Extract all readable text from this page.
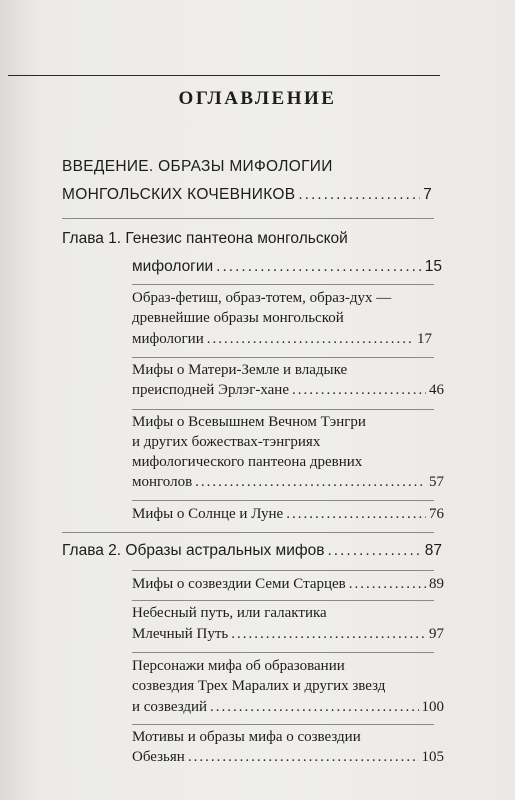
ОГЛАВЛЕНИЕ
ВВЕДЕНИЕ. ОБРАЗЫ МИФОЛОГИИ
МОНГОЛЬСКИХ КОЧЕВНИКОВ .....	7
Глава 1. Генезис пантеона монгольской
мифологии .....	15
Образ-фетиш, образ-тотем, образ-дух —
древнейшие образы монгольской
мифологии .....	17
Мифы о Матери-Земле и владыке
преисподней Эрлэг-хане .....	46
Мифы о Всевышнем Вечном Тэнгри
и других божествах-тэнгриях
мифологического пантеона древних
монголов .....	57
Мифы о Солнце и Луне .....	76
Глава 2. Образы астральных мифов .....	87
Мифы о созвездии Семи Старцев .....	89
Небесный путь, или галактика
Млечный Путь .....	97
Персонажи мифа об образовании
созвездия Трех Маралих и других звезд
и созвездий .....	100
Мотивы и образы мифа о созвездии
Обезьян .....	105
